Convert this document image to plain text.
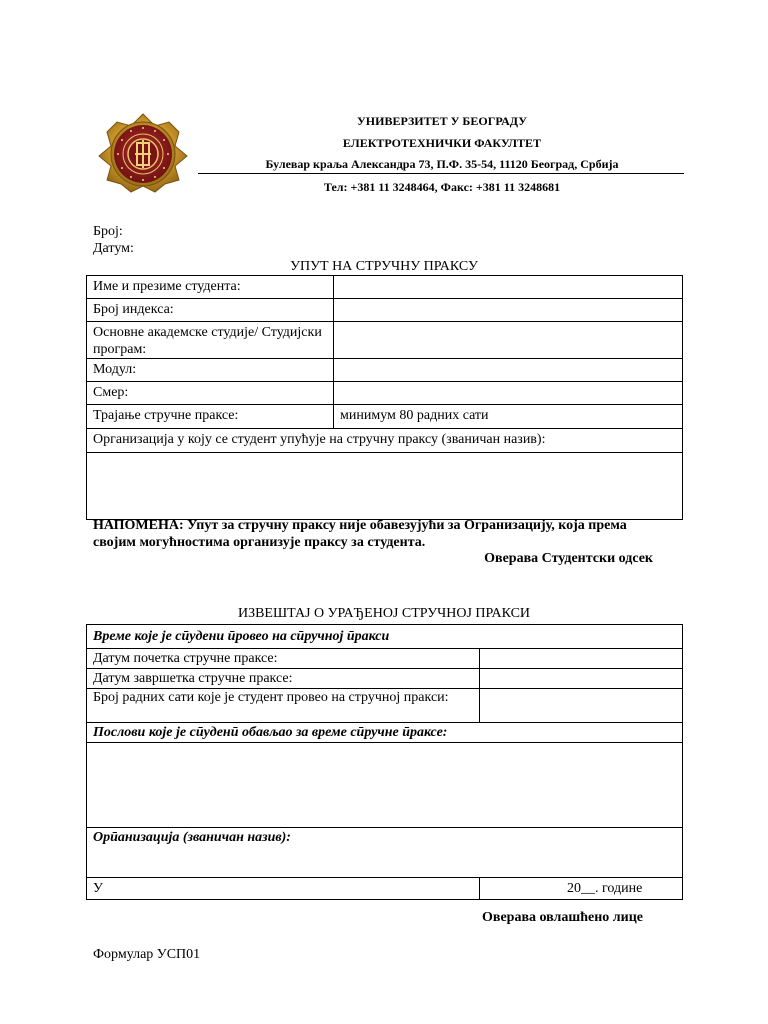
УНИВЕРЗИТЕТ У БЕОГРАДУ
ЕЛЕКТРОТЕХНИЧКИ ФАКУЛТЕТ
Булевар краља Александра 73, П.Ф. 35-54, 11120 Београд, Србија
Тел: +381 11 3248464, Факс: +381 11 3248681
Број:
Датум:
УПУТ НА СТРУЧНУ ПРАКСУ
Име и презиме студента:	
Број индекса:	
Основне академске студије/ Студијски програм:	
Модул:	
Смер:	
Трајање стручне праксе:	минимум 80 радних сати
Организација у коју се студент упућује на стручну праксу (званичан назив):	

НАПОМЕНА: Упут за стручну праксу није обавезујући за Огранизацију, која према својим могућностима организује праксу за студента.
Оверава Студентски одсек
ИЗВЕШТАЈ О УРАЂЕНОЈ СТРУЧНОЈ ПРАКСИ
Време које је сӣудени ӣровео на сӣручној ӣракси	
Датум почетка стручне праксе:	
Датум завршетка стручне праксе:	
Број радних сати које је студент провео на стручној пракси:	
Послови које је сӣуденӣ обављао за време сӣручне ӣраксе:	

Орӣанизација (званичан назив):	
У	20__. године
Оверава овлашћено лице
Формулар УСП01
